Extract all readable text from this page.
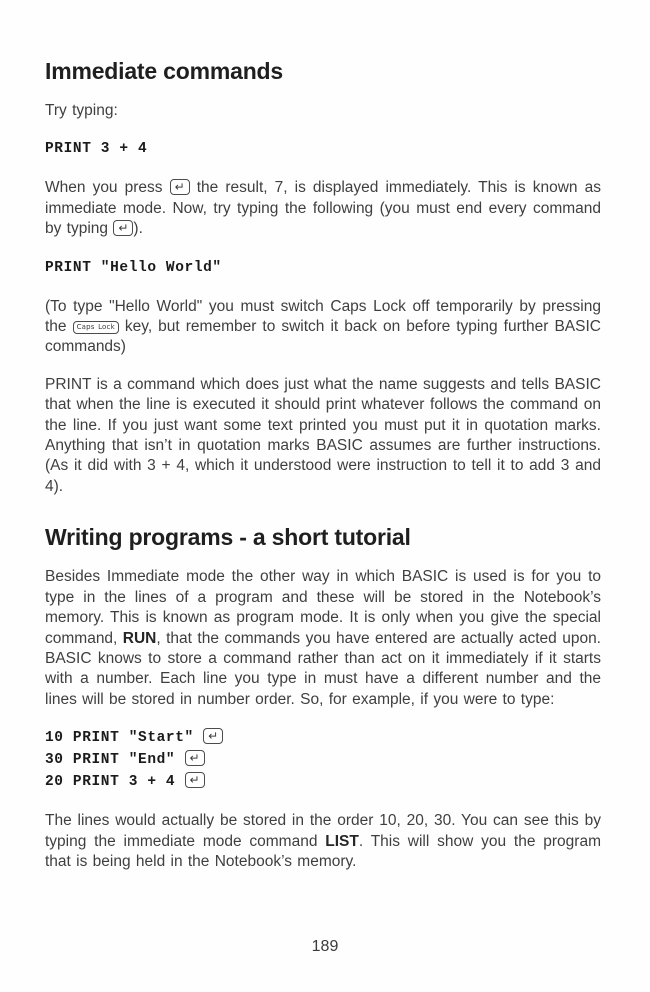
Immediate commands

Try typing:

PRINT 3 + 4

When you press ↵ the result, 7, is displayed immediately. This is known as immediate mode. Now, try typing the following (you must end every command by typing ↵ ).

PRINT "Hello World"

(To type "Hello World" you must switch Caps Lock off temporarily by pressing the Caps Lock key, but remember to switch it back on before typing further BASIC commands)

PRINT is a command which does just what the name suggests and tells BASIC that when the line is executed it should print whatever follows the command on the line. If you just want some text printed you must put it in quotation marks. Anything that isn’t in quotation marks BASIC assumes are further instructions. (As it did with 3 + 4, which it understood were instruction to tell it to add 3 and 4).

Writing programs - a short tutorial

Besides Immediate mode the other way in which BASIC is used is for you to type in the lines of a program and these will be stored in the Notebook’s memory. This is known as program mode. It is only when you give the special command, RUN, that the commands you have entered are actually acted upon. BASIC knows to store a command rather than act on it immediately if it starts with a number. Each line you type in must have a different number and the lines will be stored in number order. So, for example, if you were to type:

10 PRINT "Start" ↵
30 PRINT "End" ↵
20 PRINT 3 + 4 ↵

The lines would actually be stored in the order 10, 20, 30. You can see this by typing the immediate mode command LIST. This will show you the program that is being held in the Notebook’s memory.

189
